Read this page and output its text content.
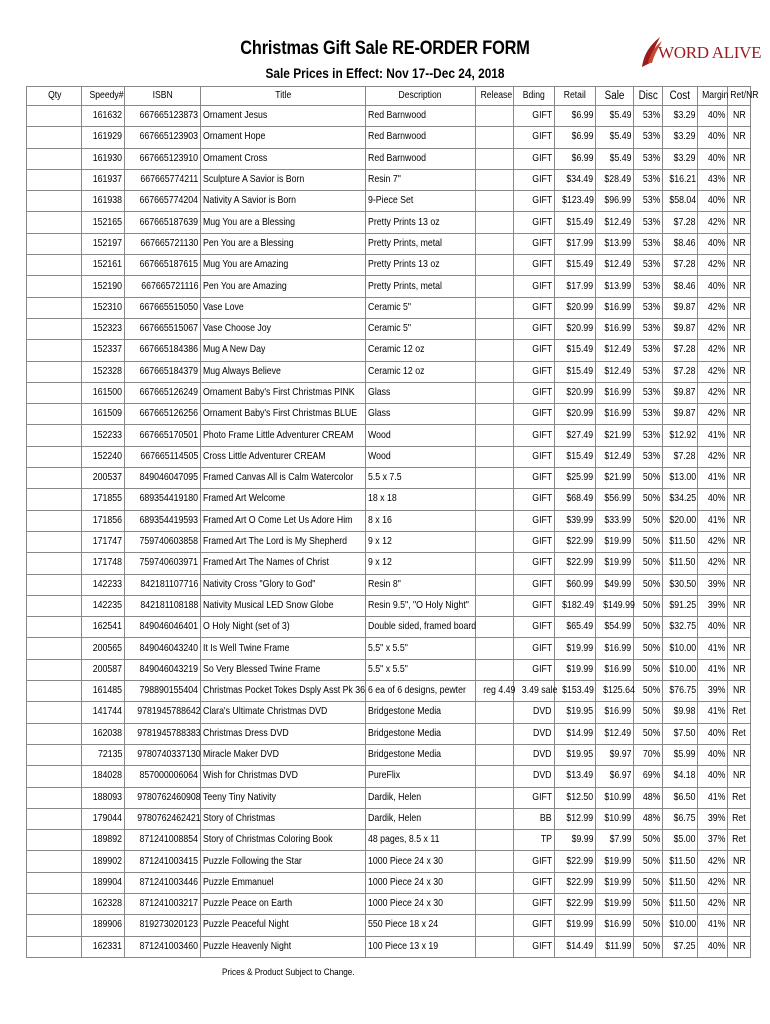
Christmas Gift Sale RE-ORDER FORM
Sale Prices in Effect: Nov 17--Dec 24, 2018
WORD ALIVE
Qty	Speedy#	ISBN	Title	Description	Release	Bding	Retail	Sale	Disc	Cost	Margin	Ret/NR
	161632	667665123873	Ornament Jesus	Red Barnwood		GIFT	$6.99	$5.49	53%	$3.29	40%	NR
	161929	667665123903	Ornament Hope	Red Barnwood		GIFT	$6.99	$5.49	53%	$3.29	40%	NR
	161930	667665123910	Ornament Cross	Red Barnwood		GIFT	$6.99	$5.49	53%	$3.29	40%	NR
	161937	667665774211	Sculpture A Savior is Born	Resin 7"		GIFT	$34.49	$28.49	53%	$16.21	43%	NR
	161938	667665774204	Nativity A Savior is Born	9-Piece Set		GIFT	$123.49	$96.99	53%	$58.04	40%	NR
	152165	667665187639	Mug You are a Blessing	Pretty Prints 13 oz		GIFT	$15.49	$12.49	53%	$7.28	42%	NR
	152197	667665721130	Pen You are a Blessing	Pretty Prints, metal		GIFT	$17.99	$13.99	53%	$8.46	40%	NR
	152161	667665187615	Mug You are Amazing	Pretty Prints 13 oz		GIFT	$15.49	$12.49	53%	$7.28	42%	NR
	152190	667665721116	Pen You are Amazing	Pretty Prints, metal		GIFT	$17.99	$13.99	53%	$8.46	40%	NR
	152310	667665515050	Vase Love	Ceramic 5"		GIFT	$20.99	$16.99	53%	$9.87	42%	NR
	152323	667665515067	Vase Choose Joy	Ceramic 5"		GIFT	$20.99	$16.99	53%	$9.87	42%	NR
	152337	667665184386	Mug A New Day	Ceramic 12 oz		GIFT	$15.49	$12.49	53%	$7.28	42%	NR
	152328	667665184379	Mug Always Believe	Ceramic 12 oz		GIFT	$15.49	$12.49	53%	$7.28	42%	NR
	161500	667665126249	Ornament Baby's First Christmas PINK	Glass		GIFT	$20.99	$16.99	53%	$9.87	42%	NR
	161509	667665126256	Ornament Baby's First Christmas BLUE	Glass		GIFT	$20.99	$16.99	53%	$9.87	42%	NR
	152233	667665170501	Photo Frame Little Adventurer CREAM	Wood		GIFT	$27.49	$21.99	53%	$12.92	41%	NR
	152240	667665114505	Cross Little Adventurer CREAM	Wood		GIFT	$15.49	$12.49	53%	$7.28	42%	NR
	200537	849046047095	Framed Canvas All is Calm Watercolor	5.5 x 7.5		GIFT	$25.99	$21.99	50%	$13.00	41%	NR
	171855	689354419180	Framed Art Welcome	18 x 18		GIFT	$68.49	$56.99	50%	$34.25	40%	NR
	171856	689354419593	Framed Art O Come Let Us Adore Him	8 x 16		GIFT	$39.99	$33.99	50%	$20.00	41%	NR
	171747	759740603858	Framed Art The Lord is My Shepherd	9 x 12		GIFT	$22.99	$19.99	50%	$11.50	42%	NR
	171748	759740603971	Framed Art The Names of Christ	9 x 12		GIFT	$22.99	$19.99	50%	$11.50	42%	NR
	142233	842181107716	Nativity Cross "Glory to God"	Resin 8"		GIFT	$60.99	$49.99	50%	$30.50	39%	NR
	142235	842181108188	Nativity Musical LED Snow Globe	Resin 9.5", "O Holy Night"		GIFT	$182.49	$149.99	50%	$91.25	39%	NR
	162541	849046046401	O Holy Night (set of 3)	Double sided, framed board		GIFT	$65.49	$54.99	50%	$32.75	40%	NR
	200565	849046043240	It Is Well Twine Frame	5.5" x 5.5"		GIFT	$19.99	$16.99	50%	$10.00	41%	NR
	200587	849046043219	So Very Blessed Twine Frame	5.5" x 5.5"		GIFT	$19.99	$16.99	50%	$10.00	41%	NR
	161485	798890155404	Christmas Pocket Tokes Dsply Asst Pk 36	6 ea of 6 designs, pewter	reg 4.49	3.49 sale	$153.49	$125.64	50%	$76.75	39%	NR
	141744	9781945788642	Clara's Ultimate Christmas DVD	Bridgestone Media		DVD	$19.95	$16.99	50%	$9.98	41%	Ret
	162038	9781945788383	Christmas Dress DVD	Bridgestone Media		DVD	$14.99	$12.49	50%	$7.50	40%	Ret
	72135	9780740337130	Miracle Maker DVD	Bridgestone Media		DVD	$19.95	$9.97	70%	$5.99	40%	NR
	184028	857000006064	Wish for Christmas DVD	PureFlix		DVD	$13.49	$6.97	69%	$4.18	40%	NR
	188093	9780762460908	Teeny Tiny Nativity	Dardik, Helen		GIFT	$12.50	$10.99	48%	$6.50	41%	Ret
	179044	9780762462421	Story of Christmas	Dardik, Helen		BB	$12.99	$10.99	48%	$6.75	39%	Ret
	189892	871241008854	Story of Christmas Coloring Book	48 pages, 8.5 x 11		TP	$9.99	$7.99	50%	$5.00	37%	Ret
	189902	871241003415	Puzzle Following the Star	1000 Piece 24 x 30		GIFT	$22.99	$19.99	50%	$11.50	42%	NR
	189904	871241003446	Puzzle Emmanuel	1000 Piece 24 x 30		GIFT	$22.99	$19.99	50%	$11.50	42%	NR
	162328	871241003217	Puzzle Peace on Earth	1000 Piece 24 x 30		GIFT	$22.99	$19.99	50%	$11.50	42%	NR
	189906	819273020123	Puzzle Peaceful Night	550 Piece 18 x 24		GIFT	$19.99	$16.99	50%	$10.00	41%	NR
	162331	871241003460	Puzzle Heavenly Night	100 Piece 13 x 19		GIFT	$14.49	$11.99	50%	$7.25	40%	NR
Prices & Product Subject to Change.
